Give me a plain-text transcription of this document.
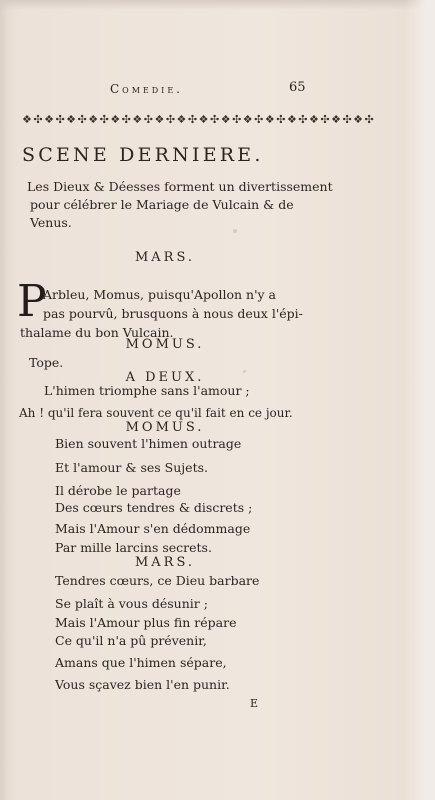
Comedie.	65
❖✣❖✣❖✣❖✣❖✣❖✣❖✣❖✣❖✣❖✣❖✣❖✣❖✣❖✣❖✣❖✣
SCENE DERNIERE.
Les Dieux & Déesses forment un divertissement
pour célébrer le Mariage de Vulcain & de
Venus.
MARS.
P
Arbleu, Momus, puisqu'Apollon n'y a
pas pourvû, brusquons à nous deux l'épi-
thalame du bon Vulcain.
MOMUS.
Tope.
A DEUX.
L'himen triomphe sans l'amour ;
Ah ! qu'il fera souvent ce qu'il fait en ce jour.
MOMUS.
Bien souvent l'himen outrage
Et l'amour & ses Sujets.
Il dérobe le partage
Des cœurs tendres & discrets ;
Mais l'Amour s'en dédommage
Par mille larcins secrets.
MARS.
Tendres cœurs, ce Dieu barbare
Se plaît à vous désunir ;
Mais l'Amour plus fin répare
Ce qu'il n'a pû prévenir,
Amans que l'himen sépare,
Vous sçavez bien l'en punir.
E
